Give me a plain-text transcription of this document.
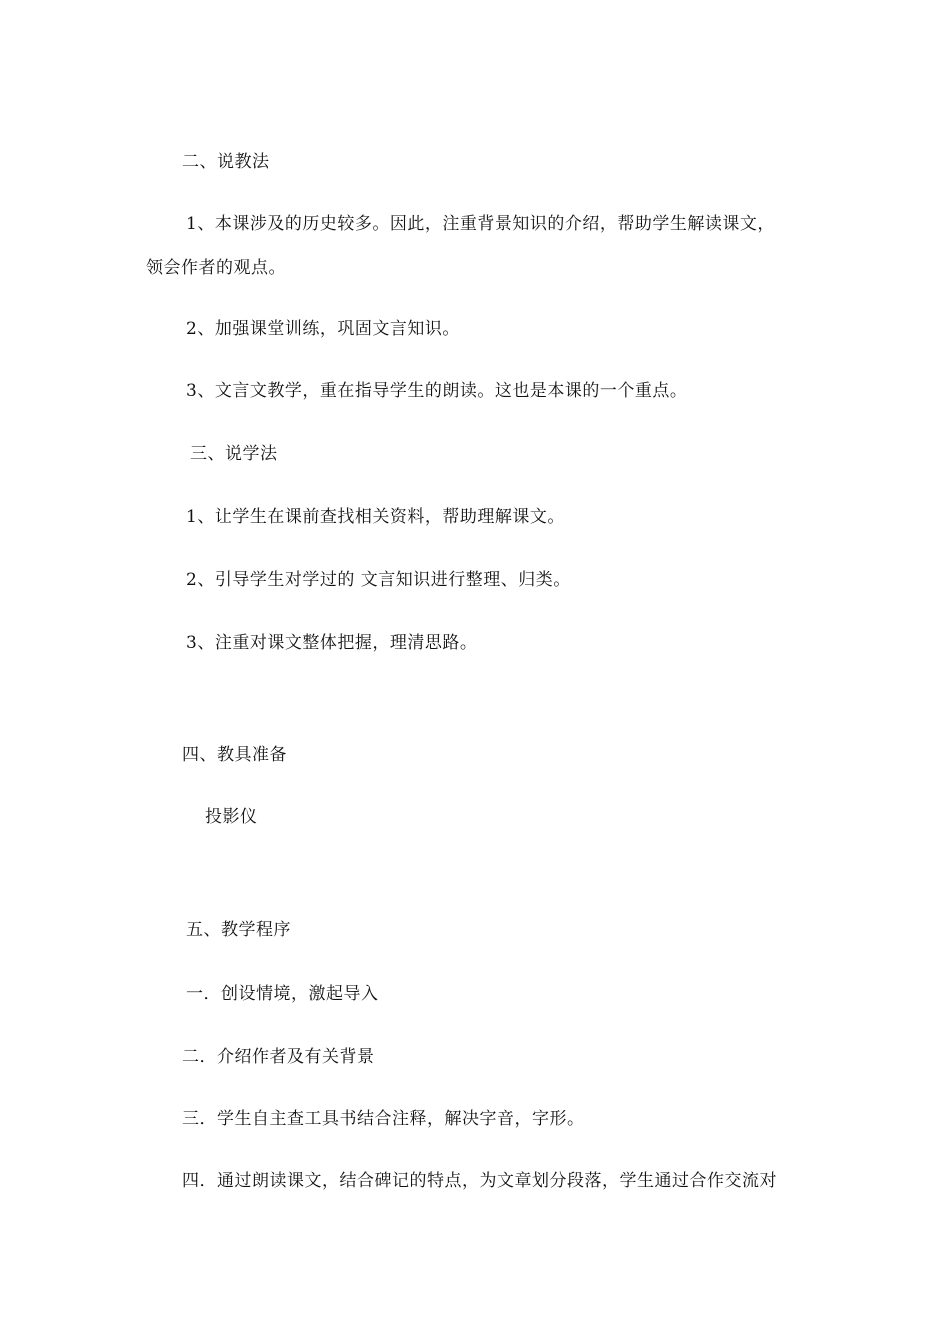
二、说教法
1、本课涉及的历史较多。因此，注重背景知识的介绍，帮助学生解读课文，
领会作者的观点。
2、加强课堂训练，巩固文言知识。
3、文言文教学，重在指导学生的朗读。这也是本课的一个重点。
三、说学法
1、让学生在课前查找相关资料，帮助理解课文。
2、引导学生对学过的 文言知识进行整理、归类。
3、注重对课文整体把握，理清思路。
四、教具准备
投影仪
五、教学程序
一．创设情境，激起导入
二．介绍作者及有关背景
三．学生自主查工具书结合注释，解决字音，字形。
四．通过朗读课文，结合碑记的特点，为文章划分段落，学生通过合作交流对
